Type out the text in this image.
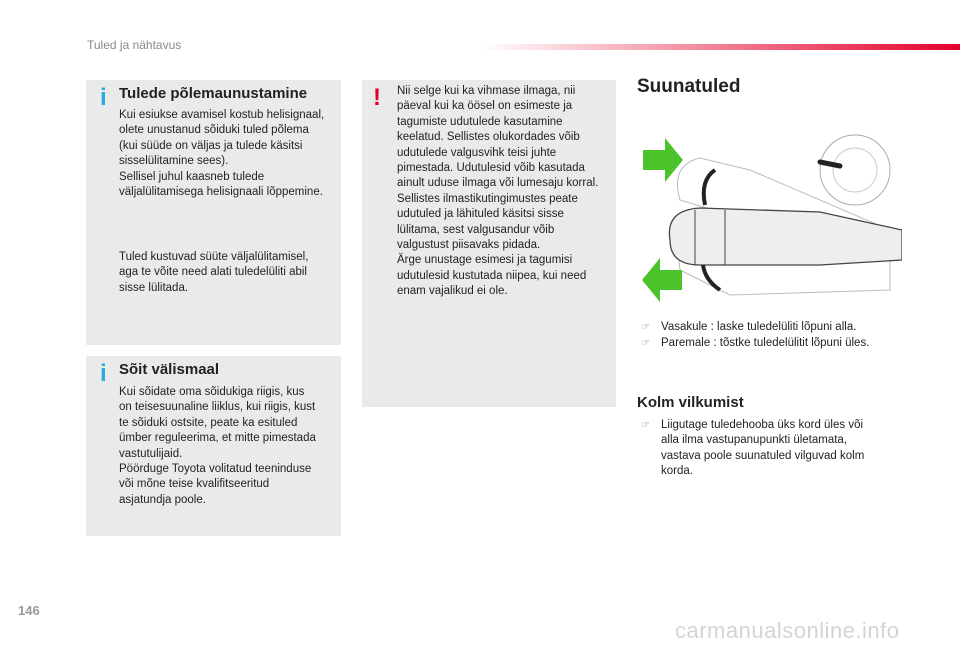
Tuled ja nähtavus
i Tulede põlemaunustamine
Kui esiukse avamisel kostub helisignaal,
olete unustanud sõiduki tuled põlema
(kui süüde on väljas ja tulede käsitsi
sisselülitamine sees).
Sellisel juhul kaasneb tulede
väljalülitamisega helisignaali lõppemine.
Tuled kustuvad süüte väljalülitamisel,
aga te võite need alati tuledelüliti abil
sisse lülitada.
i Sõit välismaal
Kui sõidate oma sõidukiga riigis, kus
on teisesuunaline liiklus, kui riigis, kust
te sõiduki ostsite, peate ka esituled
ümber reguleerima, et mitte pimestada
vastutulijaid.
Pöörduge Toyota volitatud teeninduse
või mõne teise kvalifitseeritud
asjatundja poole.
! Nii selge kui ka vihmase ilmaga, nii
päeval kui ka öösel on esimeste ja
tagumiste udutulede kasutamine
keelatud. Sellistes olukordades võib
udutulede valgusvihk teisi juhte
pimestada. Udutulesid võib kasutada
ainult uduse ilmaga või lumesaju korral.
Sellistes ilmastikutingimustes peate
udutuled ja lähituled käsitsi sisse
lülitama, sest valgusandur võib
valgustust piisavaks pidada.
Ärge unustage esimesi ja tagumisi
udutulesid kustutada niipea, kui need
enam vajalikud ei ole.
Suunatuled
☞ Vasakule : laske tuledelüliti lõpuni alla.
☞ Paremale : tõstke tuledelülitit lõpuni üles.
Kolm vilkumist
☞ Liigutage tuledehooba üks kord üles või
alla ilma vastupanupunkti ületamata,
vastava poole suunatuled vilguvad kolm
korda.
146
carmanualsonline.info
